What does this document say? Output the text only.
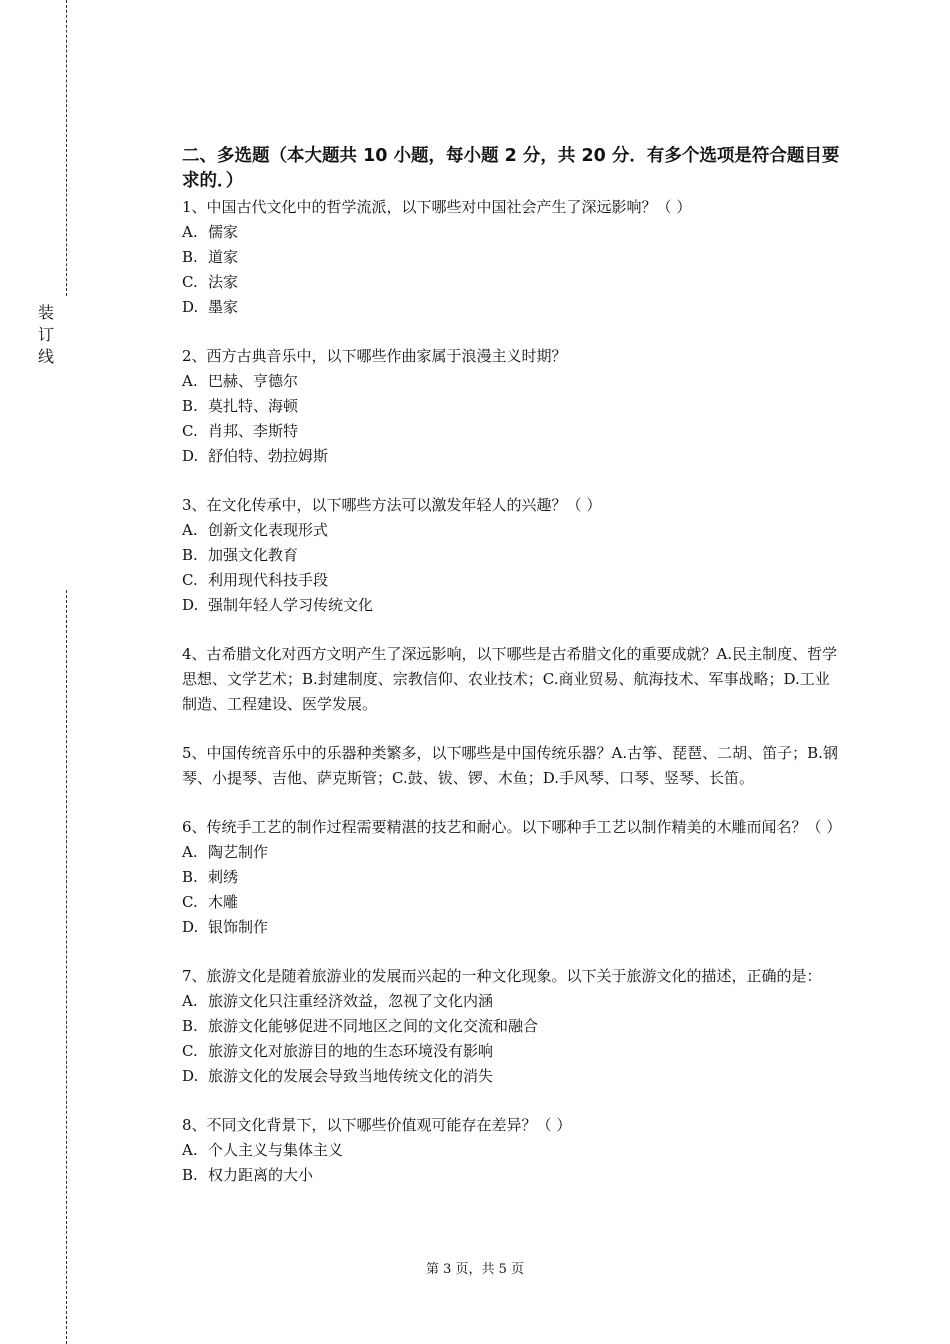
装
订
线
二、多选题（本大题共 10 小题，每小题 2 分，共 20 分．有多个选项是符合题目要求的．）
1、中国古代文化中的哲学流派，以下哪些对中国社会产生了深远影响？（ ）
A. 儒家
B. 道家
C. 法家
D. 墨家
2、西方古典音乐中，以下哪些作曲家属于浪漫主义时期？
A. 巴赫、亨德尔
B. 莫扎特、海顿
C. 肖邦、李斯特
D. 舒伯特、勃拉姆斯
3、在文化传承中，以下哪些方法可以激发年轻人的兴趣？（ ）
A. 创新文化表现形式
B. 加强文化教育
C. 利用现代科技手段
D. 强制年轻人学习传统文化
4、古希腊文化对西方文明产生了深远影响，以下哪些是古希腊文化的重要成就？A.民主制度、哲学思想、文学艺术；B.封建制度、宗教信仰、农业技术；C.商业贸易、航海技术、军事战略；D.工业制造、工程建设、医学发展。
5、中国传统音乐中的乐器种类繁多，以下哪些是中国传统乐器？A.古筝、琵琶、二胡、笛子；B.钢琴、小提琴、吉他、萨克斯管；C.鼓、钹、锣、木鱼；D.手风琴、口琴、竖琴、长笛。
6、传统手工艺的制作过程需要精湛的技艺和耐心。以下哪种手工艺以制作精美的木雕而闻名？（ ）
A. 陶艺制作
B. 刺绣
C. 木雕
D. 银饰制作
7、旅游文化是随着旅游业的发展而兴起的一种文化现象。以下关于旅游文化的描述，正确的是：
A. 旅游文化只注重经济效益，忽视了文化内涵
B. 旅游文化能够促进不同地区之间的文化交流和融合
C. 旅游文化对旅游目的地的生态环境没有影响
D. 旅游文化的发展会导致当地传统文化的消失
8、不同文化背景下，以下哪些价值观可能存在差异？（ ）
A. 个人主义与集体主义
B. 权力距离的大小
第 3 页，共 5 页
